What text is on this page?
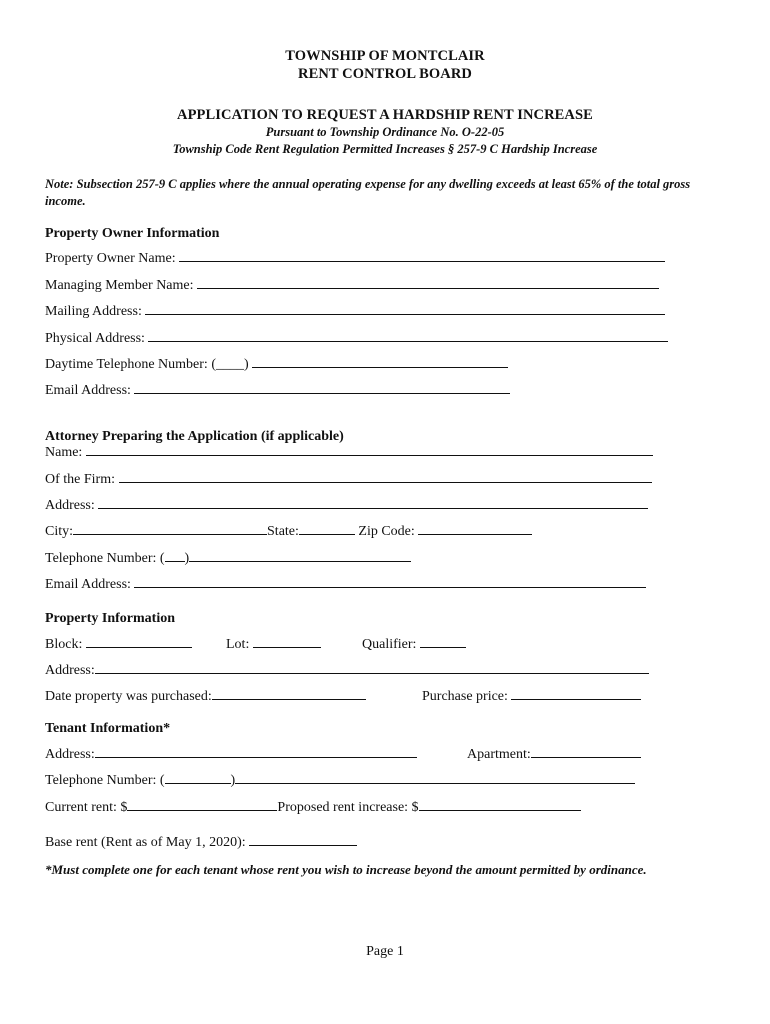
TOWNSHIP OF MONTCLAIR
RENT CONTROL BOARD
APPLICATION TO REQUEST A HARDSHIP RENT INCREASE
Pursuant to Township Ordinance No. O-22-05
Township Code Rent Regulation Permitted Increases § 257-9 C Hardship Increase
Note: Subsection 257-9 C applies where the annual operating expense for any dwelling exceeds at least 65% of the total gross income.
Property Owner Information
Property Owner Name:
Managing Member Name:
Mailing Address:
Physical Address:
Daytime Telephone Number: (____)
Email Address:
Attorney Preparing the Application (if applicable)
Name:
Of the Firm:
Address:
City:	State:	Zip Code:
Telephone Number: ( )
Email Address:
Property Information
Block:	Lot:	Qualifier:
Address:
Date property was purchased:	Purchase price:
Tenant Information*
Address:	Apartment:
Telephone Number: (	)
Current rent: $	Proposed rent increase: $
Base rent (Rent as of May 1, 2020):
*Must complete one for each tenant whose rent you wish to increase beyond the amount permitted by ordinance.
Page 1
